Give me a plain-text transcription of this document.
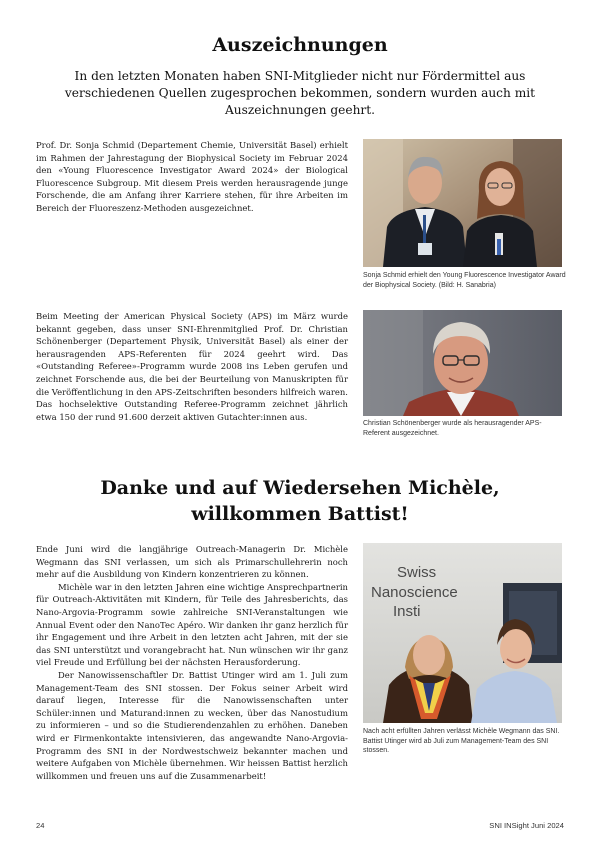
Auszeichnungen
In den letzten Monaten haben SNI-Mitglieder nicht nur Fördermittel aus verschiedenen Quellen zugesprochen bekommen, sondern wurden auch mit Auszeichnungen geehrt.

Prof. Dr. Sonja Schmid (Departement Chemie, Universität Basel) erhielt im Rahmen der Jahrestagung der Biophysical Society im Februar 2024 den «Young Fluorescence Investigator Award 2024» der Biological Fluorescence Subgroup. Mit diesem Preis werden herausragende junge Forschende, die am Anfang ihrer Karriere stehen, für ihre Arbeiten im Bereich der Fluoreszenz-Methoden ausgezeichnet.

Sonja Schmid erhielt den Young Fluorescence Investigator Award der Biophysical Society. (Bild: H. Sanabria)

Beim Meeting der American Physical Society (APS) im März wurde bekannt gegeben, dass unser SNI-Ehrenmitglied Prof. Dr. Christian Schönenberger (Departement Physik, Universität Basel) als einer der herausragenden APS-Referenten für 2024 geehrt wird. Das «Outstanding Referee»-Programm wurde 2008 ins Leben gerufen und zeichnet Forschende aus, die bei der Beurteilung von Manuskripten für die Veröffentlichung in den APS-Zeitschriften besonders hilfreich waren. Das hochselektive Outstanding Referee-Programm zeichnet jährlich etwa 150 der rund 91.600 derzeit aktiven Gutachter:innen aus.

Christian Schönenberger wurde als herausragender APS-Referent ausgezeichnet.
Danke und auf Wiedersehen Michèle,
willkommen Battist!

Ende Juni wird die langjährige Outreach-Managerin Dr. Michèle Wegmann das SNI verlassen, um sich als Primarschullehrerin noch mehr auf die Ausbildung von Kindern konzentrieren zu können.

Michèle war in den letzten Jahren eine wichtige Ansprechpartnerin für Outreach-Aktivitäten mit Kindern, für Teile des Jahresberichts, das Nano-Argovia-Programm sowie zahlreiche SNI-Veranstaltungen wie Annual Event oder den NanoTec Apéro. Wir danken ihr ganz herzlich für ihr Engagement und ihre Arbeit in den letzten acht Jahren, mit der sie das SNI unterstützt und vorangebracht hat. Nun wünschen wir ihr ganz viel Freude und Erfüllung bei der nächsten Herausforderung.

Der Nanowissenschaftler Dr. Battist Utinger wird am 1. Juli zum Management-Team des SNI stossen. Der Fokus seiner Arbeit wird darauf liegen, Interesse für die Nanowissenschaften unter Schüler:innen und Maturand:innen zu wecken, über das Nanostudium zu informieren – und so die Studierendenzahlen zu erhöhen. Daneben wird er Firmenkontakte intensivieren, das angewandte Nano-Argovia-Programm des SNI in der Nordwestschweiz bekannter machen und weitere Aufgaben von Michèle übernehmen. Wir heissen Battist herzlich willkommen und freuen uns auf die Zusammenarbeit!

Swiss
Nanoscience
Insti
Nach acht erfüllten Jahren verlässt Michèle Wegmann das SNI. Battist Utinger wird ab Juli zum Management-Team des SNI stossen.
24	SNI INSight Juni 2024
